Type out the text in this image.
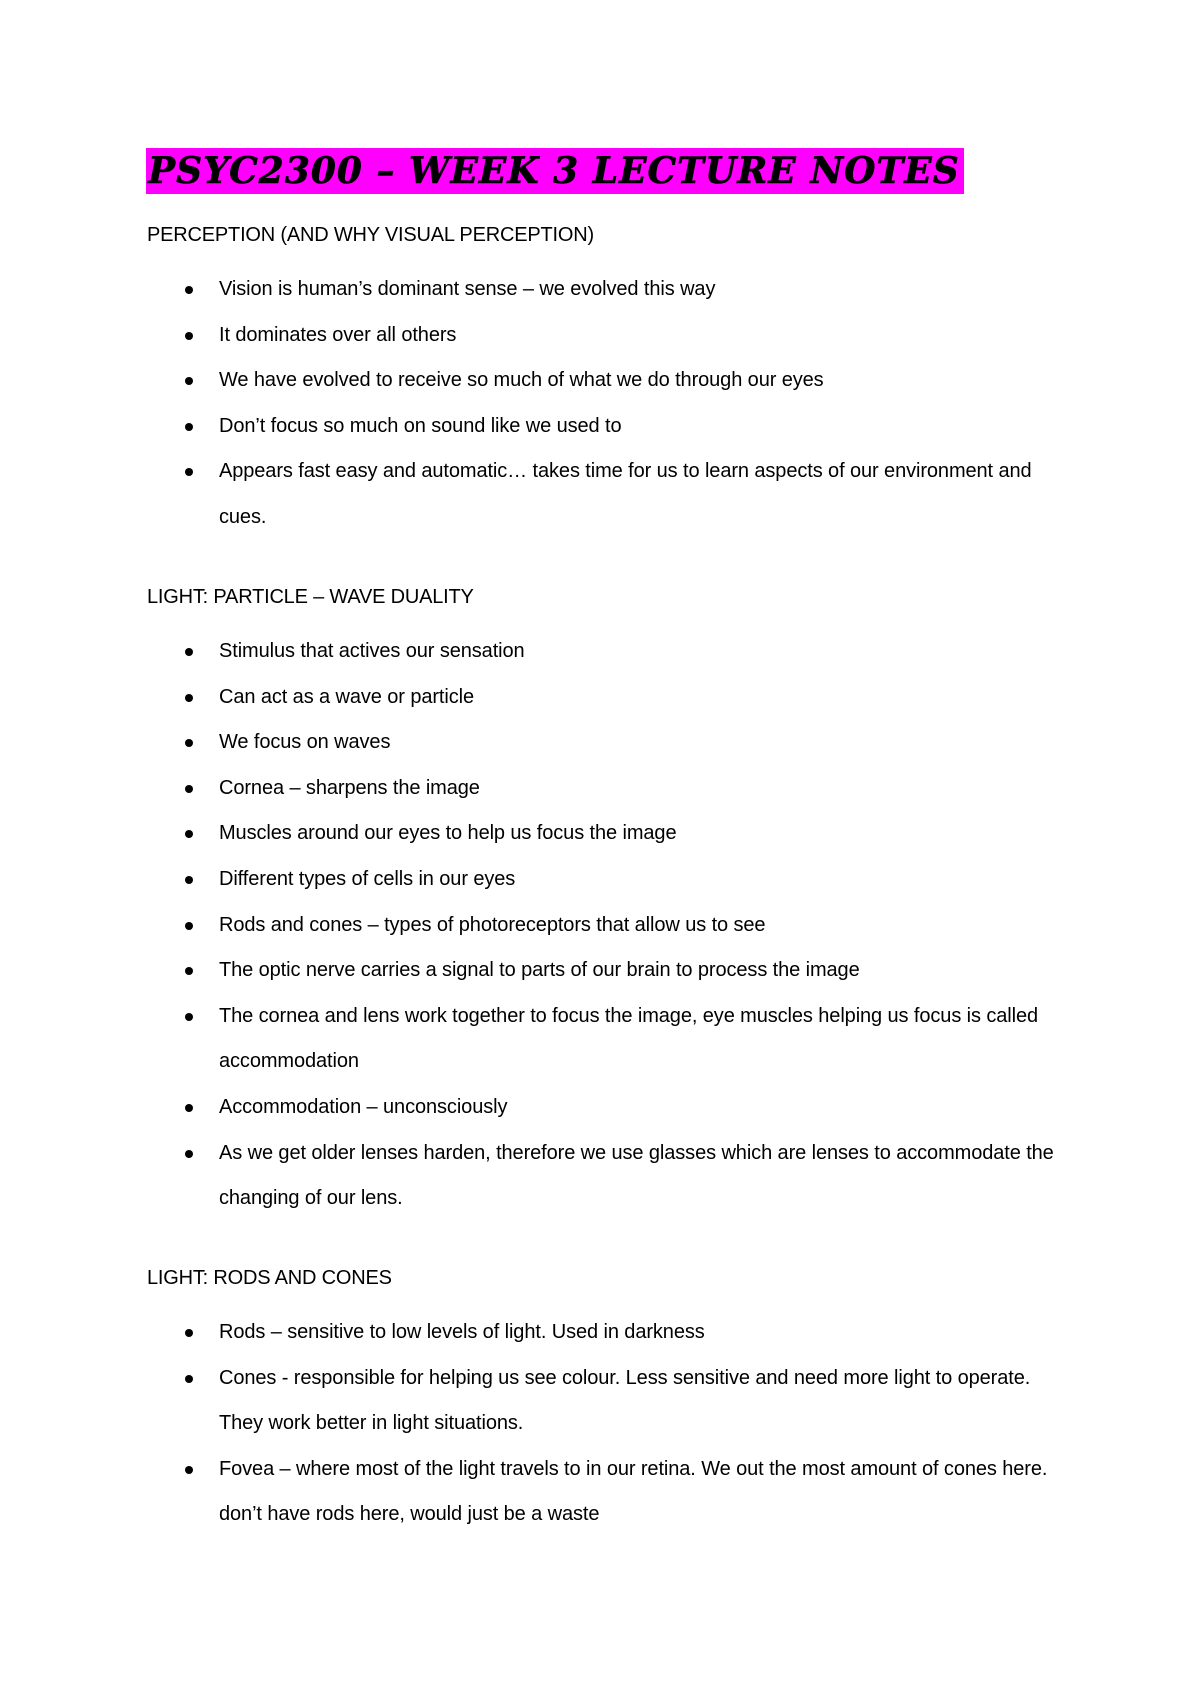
PSYC2300 – WEEK 3 LECTURE NOTES
PERCEPTION (AND WHY VISUAL PERCEPTION)
Vision is human’s dominant sense – we evolved this way
It dominates over all others
We have evolved to receive so much of what we do through our eyes
Don’t focus so much on sound like we used to
Appears fast easy and automatic… takes time for us to learn aspects of our environment and cues.
LIGHT: PARTICLE – WAVE DUALITY
Stimulus that actives our sensation
Can act as a wave or particle
We focus on waves
Cornea – sharpens the image
Muscles around our eyes to help us focus the image
Different types of cells in our eyes
Rods and cones – types of photoreceptors that allow us to see
The optic nerve carries a signal to parts of our brain to process the image
The cornea and lens work together to focus the image, eye muscles helping us focus is called accommodation
Accommodation – unconsciously
As we get older lenses harden, therefore we use glasses which are lenses to accommodate the changing of our lens.
LIGHT: RODS AND CONES
Rods – sensitive to low levels of light. Used in darkness
Cones - responsible for helping us see colour. Less sensitive and need more light to operate. They work better in light situations.
Fovea – where most of the light travels to in our retina. We out the most amount of cones here. don’t have rods here, would just be a waste
